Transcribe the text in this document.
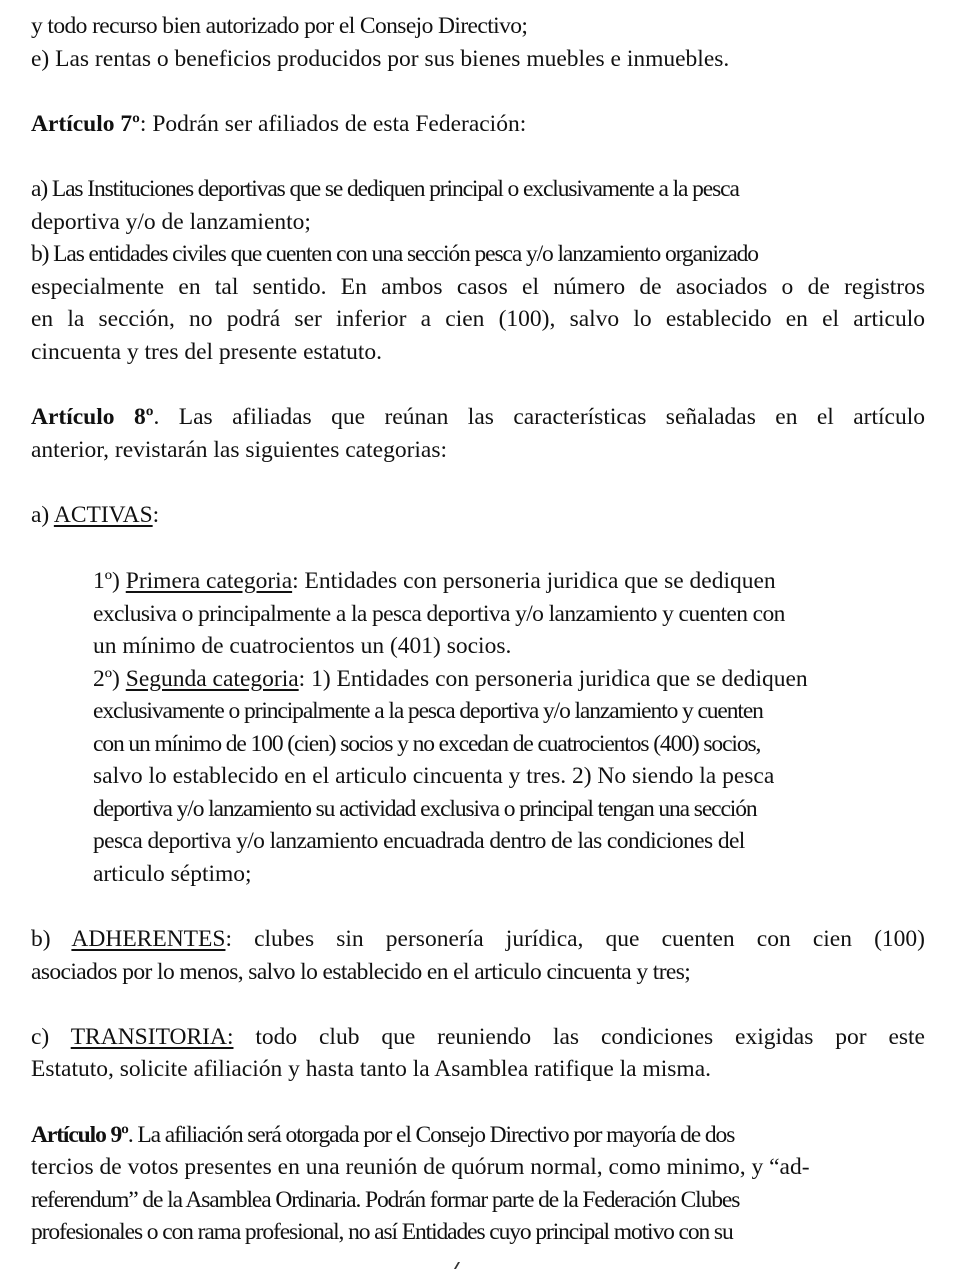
y todo recurso bien autorizado por el Consejo Directivo;
e) Las rentas o beneficios producidos por sus bienes muebles e inmuebles.
Artículo 7º: Podrán ser afiliados de esta Federación:
a) Las Instituciones deportivas que se dediquen principal o exclusivamente a la pesca
deportiva y/o de lanzamiento;
b) Las entidades civiles que cuenten con una sección pesca y/o lanzamiento organizado
especialmente en tal sentido. En ambos casos el número de asociados o de registros
en la sección, no podrá ser inferior a cien (100), salvo lo establecido en el articulo
cincuenta y tres del presente estatuto.
Artículo 8º. Las afiliadas que reúnan las características señaladas en el artículo
anterior, revistarán las siguientes categorias:
a) ACTIVAS:
1º) Primera categoria: Entidades con personeria juridica que se dediquen
exclusiva o principalmente a la pesca deportiva y/o lanzamiento y cuenten con
un mínimo de cuatrocientos un (401) socios.
2º) Segunda categoria: 1) Entidades con personeria juridica que se dediquen
exclusivamente o principalmente a la pesca deportiva y/o lanzamiento y cuenten
con un mínimo de 100 (cien) socios y no excedan de cuatrocientos (400) socios,
salvo lo establecido en el articulo cincuenta y tres. 2) No siendo la pesca
deportiva y/o lanzamiento su actividad exclusiva o principal tengan una sección
pesca deportiva y/o lanzamiento encuadrada dentro de las condiciones del
articulo séptimo;
b) ADHERENTES: clubes sin personería jurídica, que cuenten con cien (100)
asociados por lo menos, salvo lo establecido en el articulo cincuenta y tres;
c) TRANSITORIA: todo club que reuniendo las condiciones exigidas por este
Estatuto, solicite afiliación y hasta tanto la Asamblea ratifique la misma.
Artículo 9º. La afiliación será otorgada por el Consejo Directivo por mayoría de dos
tercios de votos presentes en una reunión de quórum normal, como minimo, y “ad-
referendum” de la Asamblea Ordinaria. Podrán formar parte de la Federación Clubes
profesionales o con rama profesional, no así Entidades cuyo principal motivo con su
